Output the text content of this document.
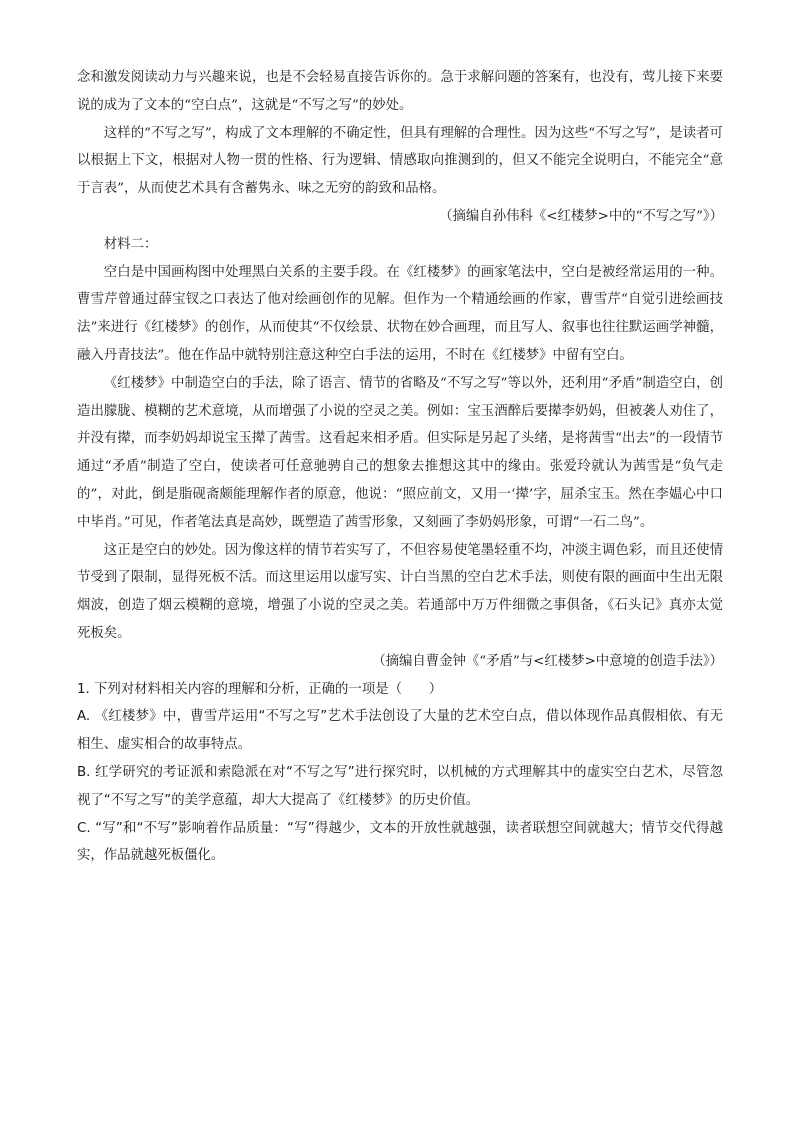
念和激发阅读动力与兴趣来说，也是不会轻易直接告诉你的。急于求解问题的答案有，也没有，莺儿接下来要说的成为了文本的“空白点”，这就是“不写之写”的妙处。

这样的“不写之写”，构成了文本理解的不确定性，但具有理解的合理性。因为这些“不写之写”，是读者可以根据上下文，根据对人物一贯的性格、行为逻辑、情感取向推测到的，但又不能完全说明白，不能完全“意于言表”，从而使艺术具有含蓄隽永、味之无穷的韵致和品格。

（摘编自孙伟科《<红楼梦>中的“不写之写”》）

材料二：

空白是中国画构图中处理黑白关系的主要手段。在《红楼梦》的画家笔法中，空白是被经常运用的一种。曹雪芹曾通过薛宝钗之口表达了他对绘画创作的见解。但作为一个精通绘画的作家，曹雪芹“自觉引进绘画技法”来进行《红楼梦》的创作，从而使其“不仅绘景、状物在妙合画理，而且写人、叙事也往往默运画学神髓，融入丹青技法”。他在作品中就特别注意这种空白手法的运用，不时在《红楼梦》中留有空白。

《红楼梦》中制造空白的手法，除了语言、情节的省略及“不写之写”等以外，还利用“矛盾”制造空白，创造出朦胧、模糊的艺术意境，从而增强了小说的空灵之美。例如：宝玉酒醉后要撵李奶妈，但被袭人劝住了，并没有撵，而李奶妈却说宝玉撵了茜雪。这看起来相矛盾。但实际是另起了头绪，是将茜雪“出去”的一段情节通过“矛盾”制造了空白，使读者可任意驰骋自己的想象去推想这其中的缘由。张爱玲就认为茜雪是“负气走的”，对此，倒是脂砚斋颇能理解作者的原意，他说：“照应前文，又用一‘撵’字，屈杀宝玉。然在李媪心中口中毕肖。”可见，作者笔法真是高妙，既塑造了茜雪形象，又刻画了李奶妈形象，可谓“一石二鸟”。

这正是空白的妙处。因为像这样的情节若实写了，不但容易使笔墨轻重不均，冲淡主调色彩，而且还使情节受到了限制，显得死板不活。而这里运用以虚写实、计白当黑的空白艺术手法，则使有限的画面中生出无限烟波，创造了烟云模糊的意境，增强了小说的空灵之美。若通部中万万件细微之事俱备，《石头记》真亦太觉死板矣。

（摘编自曹金钟《“矛盾”与<红楼梦>中意境的创造手法》）

1. 下列对材料相关内容的理解和分析，正确的一项是（　　）

A. 《红楼梦》中，曹雪芹运用“不写之写”艺术手法创设了大量的艺术空白点，借以体现作品真假相依、有无相生、虚实相合的故事特点。

B. 红学研究的考证派和索隐派在对“不写之写”进行探究时，以机械的方式理解其中的虚实空白艺术，尽管忽视了“不写之写”的美学意蕴，却大大提高了《红楼梦》的历史价值。

C. “写”和“不写”影响着作品质量：“写”得越少，文本的开放性就越强，读者联想空间就越大；情节交代得越实，作品就越死板僵化。
